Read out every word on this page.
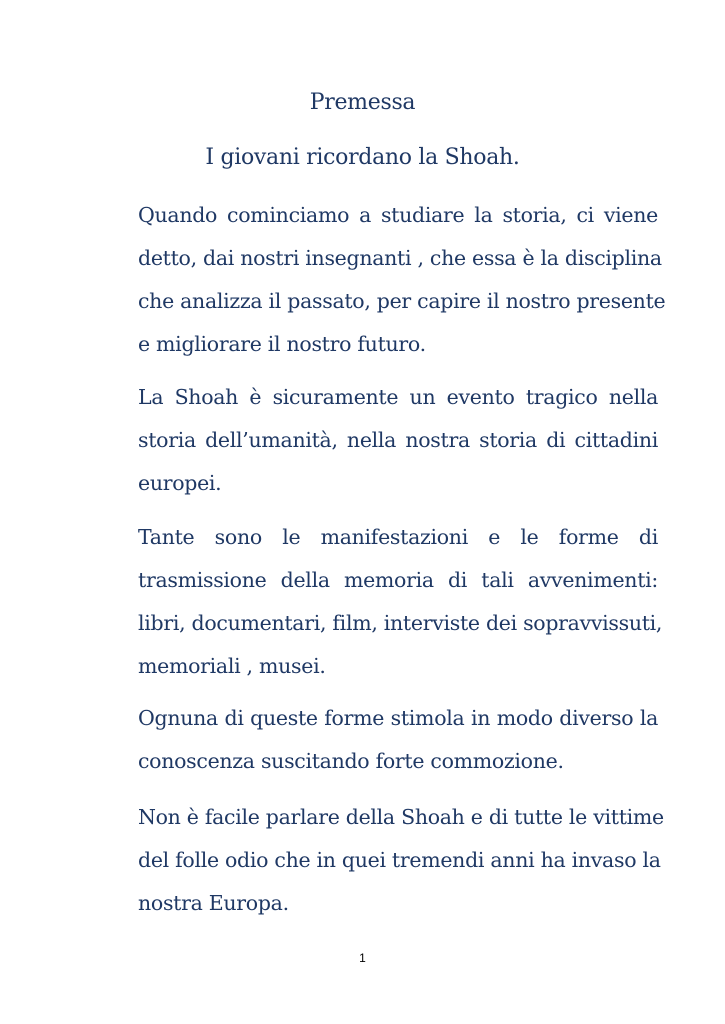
Premessa
I giovani ricordano la Shoah.

Quando cominciamo a studiare la storia, ci viene
detto, dai nostri insegnanti , che essa è la disciplina
che analizza il passato, per capire il nostro presente
e migliorare il nostro futuro.

La Shoah è sicuramente un evento tragico nella
storia dell’umanità, nella nostra storia di cittadini
europei.

Tante sono le manifestazioni e le forme di
trasmissione della memoria di tali avvenimenti:
libri, documentari, film, interviste dei sopravvissuti,
memoriali , musei.

Ognuna di queste forme stimola in modo diverso la
conoscenza suscitando forte commozione.

Non è facile parlare della Shoah e di tutte le vittime
del folle odio che in quei tremendi anni ha invaso la
nostra Europa.

1
